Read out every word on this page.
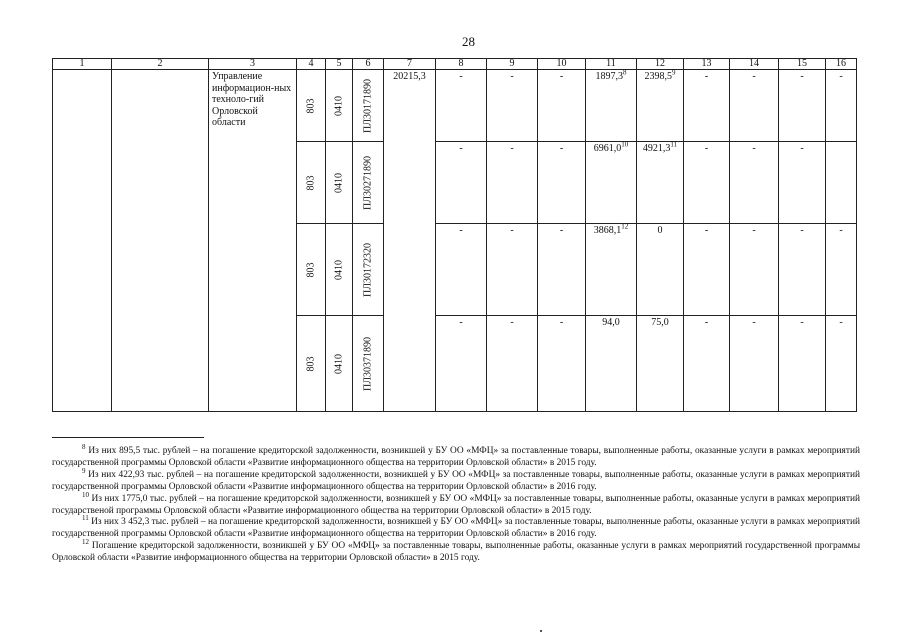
28
1	2	3	4	5	6	7	8	9	10	11	12	13	14	15	16
		Управление информацион-ных техноло-гий Орловской области	803	0410	ПЛ30171890	20215,3	-	-	-	1897,3$^8$	2398,5$^9$	-	-	-	-

			803	0410	ПЛ30271890		-	-	-	6961,0$^{10}$	4921,3$^{11}$	-	-	-	

			803	0410	ПЛ30172320		-	-	-	3868,1$^{12}$	0	-	-	-	-

			803	0410	ПЛ30371890		-	-	-	94,0	75,0	-	-	-	-
$^8$ Из них 895,5 тыс. рублей – на погашение кредиторской задолженности, возникшей у БУ ОО «МФЦ» за поставленные товары, выполненные работы, оказанные услуги в рамках мероприятий государственной программы Орловской области «Развитие информационного общества на территории Орловской области» в 2015 году.
$^9$ Из них 422,93 тыс. рублей – на погашение кредиторской задолженности, возникшей у БУ ОО «МФЦ» за поставленные товары, выполненные работы, оказанные услуги в рамках мероприятий государственной программы Орловской области «Развитие информационного общества на территории Орловской области» в 2016 году.
$^{10}$ Из них 1775,0 тыс. рублей – на погашение кредиторской задолженности, возникшей у БУ ОО «МФЦ» за поставленные товары, выполненные работы, оказанные услуги в рамках мероприятий государственой программы Орловской области «Развитие информационного общества на территории Орловской области» в 2015 году.
$^{11}$ Из них 3 452,3 тыс. рублей – на погашение кредиторской задолженности, возникшей у БУ ОО «МФЦ» за поставленные товары, выполненные работы, оказанные услуги в рамках мероприятий государственной программы Орловской области «Развитие информационного общества на территории Орловской области» в 2016 году.
$^{12}$ Погашение кредиторской задолженности, возникшей у БУ ОО «МФЦ» за поставленные товары, выполненные работы, оказанные услуги в рамках мероприятий государственной программы Орловской области «Развитие информационного общества на территории Орловской области» в 2015 году.
